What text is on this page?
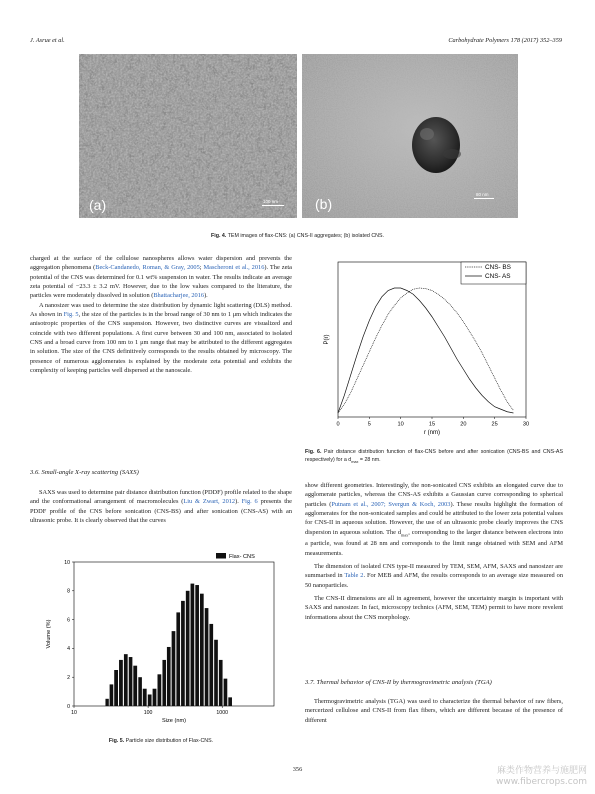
J. Asrue et al.	Carbohydrate Polymers 178 (2017) 352–359
(a)	100 nm	(b)
80 nm
Fig. 4. TEM images of flax-CNS: (a) CNS-II aggregates; (b) isolated CNS.

charged at the surface of the cellulose nanospheres allows water dispersion and prevents the aggregation phenomena (Beck-Candanedo, Roman, & Gray, 2005; Mascheroni et al., 2016). The zeta potential of the CNS was determined for 0.1 wt% suspension in water. The results indicate an average zeta potential of −23.3 ± 3.2 mV. However, due to the low values compared to the literature, the particles were moderately dissolved in solution (Bhattacharjee, 2016).

A nanosizer was used to determine the size distribution by dynamic light scattering (DLS) method. As shown in Fig. 5, the size of the particles is in the broad range of 30 nm to 1 μm which indicates the anisotropic properties of the CNS suspension. However, two distinctive curves are visualized and coincide with two different populations. A first curve between 30 and 100 nm, associated to isolated CNS and a broad curve from 100 nm to 1 μm range that may be attributed to the different aggregates in solution. The size of the CNS definitively corresponds to the results obtained by microscopy. The presence of numerous agglomerates is explained by the moderate zeta potential and exhibits the complexity of keeping particles well dispersed at the nanoscale.

3.6. Small-angle X-ray scattering (SAXS)

SAXS was used to determine pair distance distribution function (PDDF) profile related to the shape and the conformational arrangement of macromolecules (Liu & Zwart, 2012). Fig. 6 presents the PDDF profile of the CNS before sonication (CNS-BS) and after sonication (CNS-AS) with an ultrasonic probe. It is clearly observed that the curves

0
2
4
6
8
10
10	100	1000
Flax- CNS
Size (nm)
Volume (%)
Fig. 5. Particle size distribution of Flax-CNS.
0	5	10	15	20	25	30
CNS- BS
CNS- AS
r (nm)
P(r)
Fig. 6. Pair distance distribution function of flax-CNS before and after sonication (CNS-BS and CNS-AS respectively) for a $d_{max} = 28$ nm.

show different geometries. Interestingly, the non-sonicated CNS exhibits an elongated curve due to agglomerate particles, whereas the CNS-AS exhibits a Gaussian curve corresponding to spherical particles (Putnam et al., 2007; Svergun & Koch, 2003). These results highlight the formation of agglomerates for the non-sonicated samples and could be attributed to the lower zeta potential values for CNS-II in aqueous solution. However, the use of an ultrasonic probe clearly improves the CNS dispersion in aqueous solution. The $d_{max}$, corresponding to the larger distance between electrons into a particle, was found at 28 nm and corresponds to the limit range obtained with SEM and AFM measurements.

The dimension of isolated CNS type-II measured by TEM, SEM, AFM, SAXS and nanosizer are summarised in Table 2. For MEB and AFM, the results corresponds to an average size measured on 50 nanoparticles.

The CNS-II dimensions are all in agreement, however the uncertainty margin is important with SAXS and nanosizer. In fact, microscopy technics (AFM, SEM, TEM) permit to have more revelent informations about the CNS morphology.

3.7. Thermal behavior of CNS-II by thermogravimetric analysis (TGA)

Thermogravimetric analysis (TGA) was used to characterize the thermal behavior of raw fibers, mercerized cellulose and CNS-II from flax fibers, which are different because of the presence of different

356	麻类作物营养与施肥网
www.fibercrops.com
